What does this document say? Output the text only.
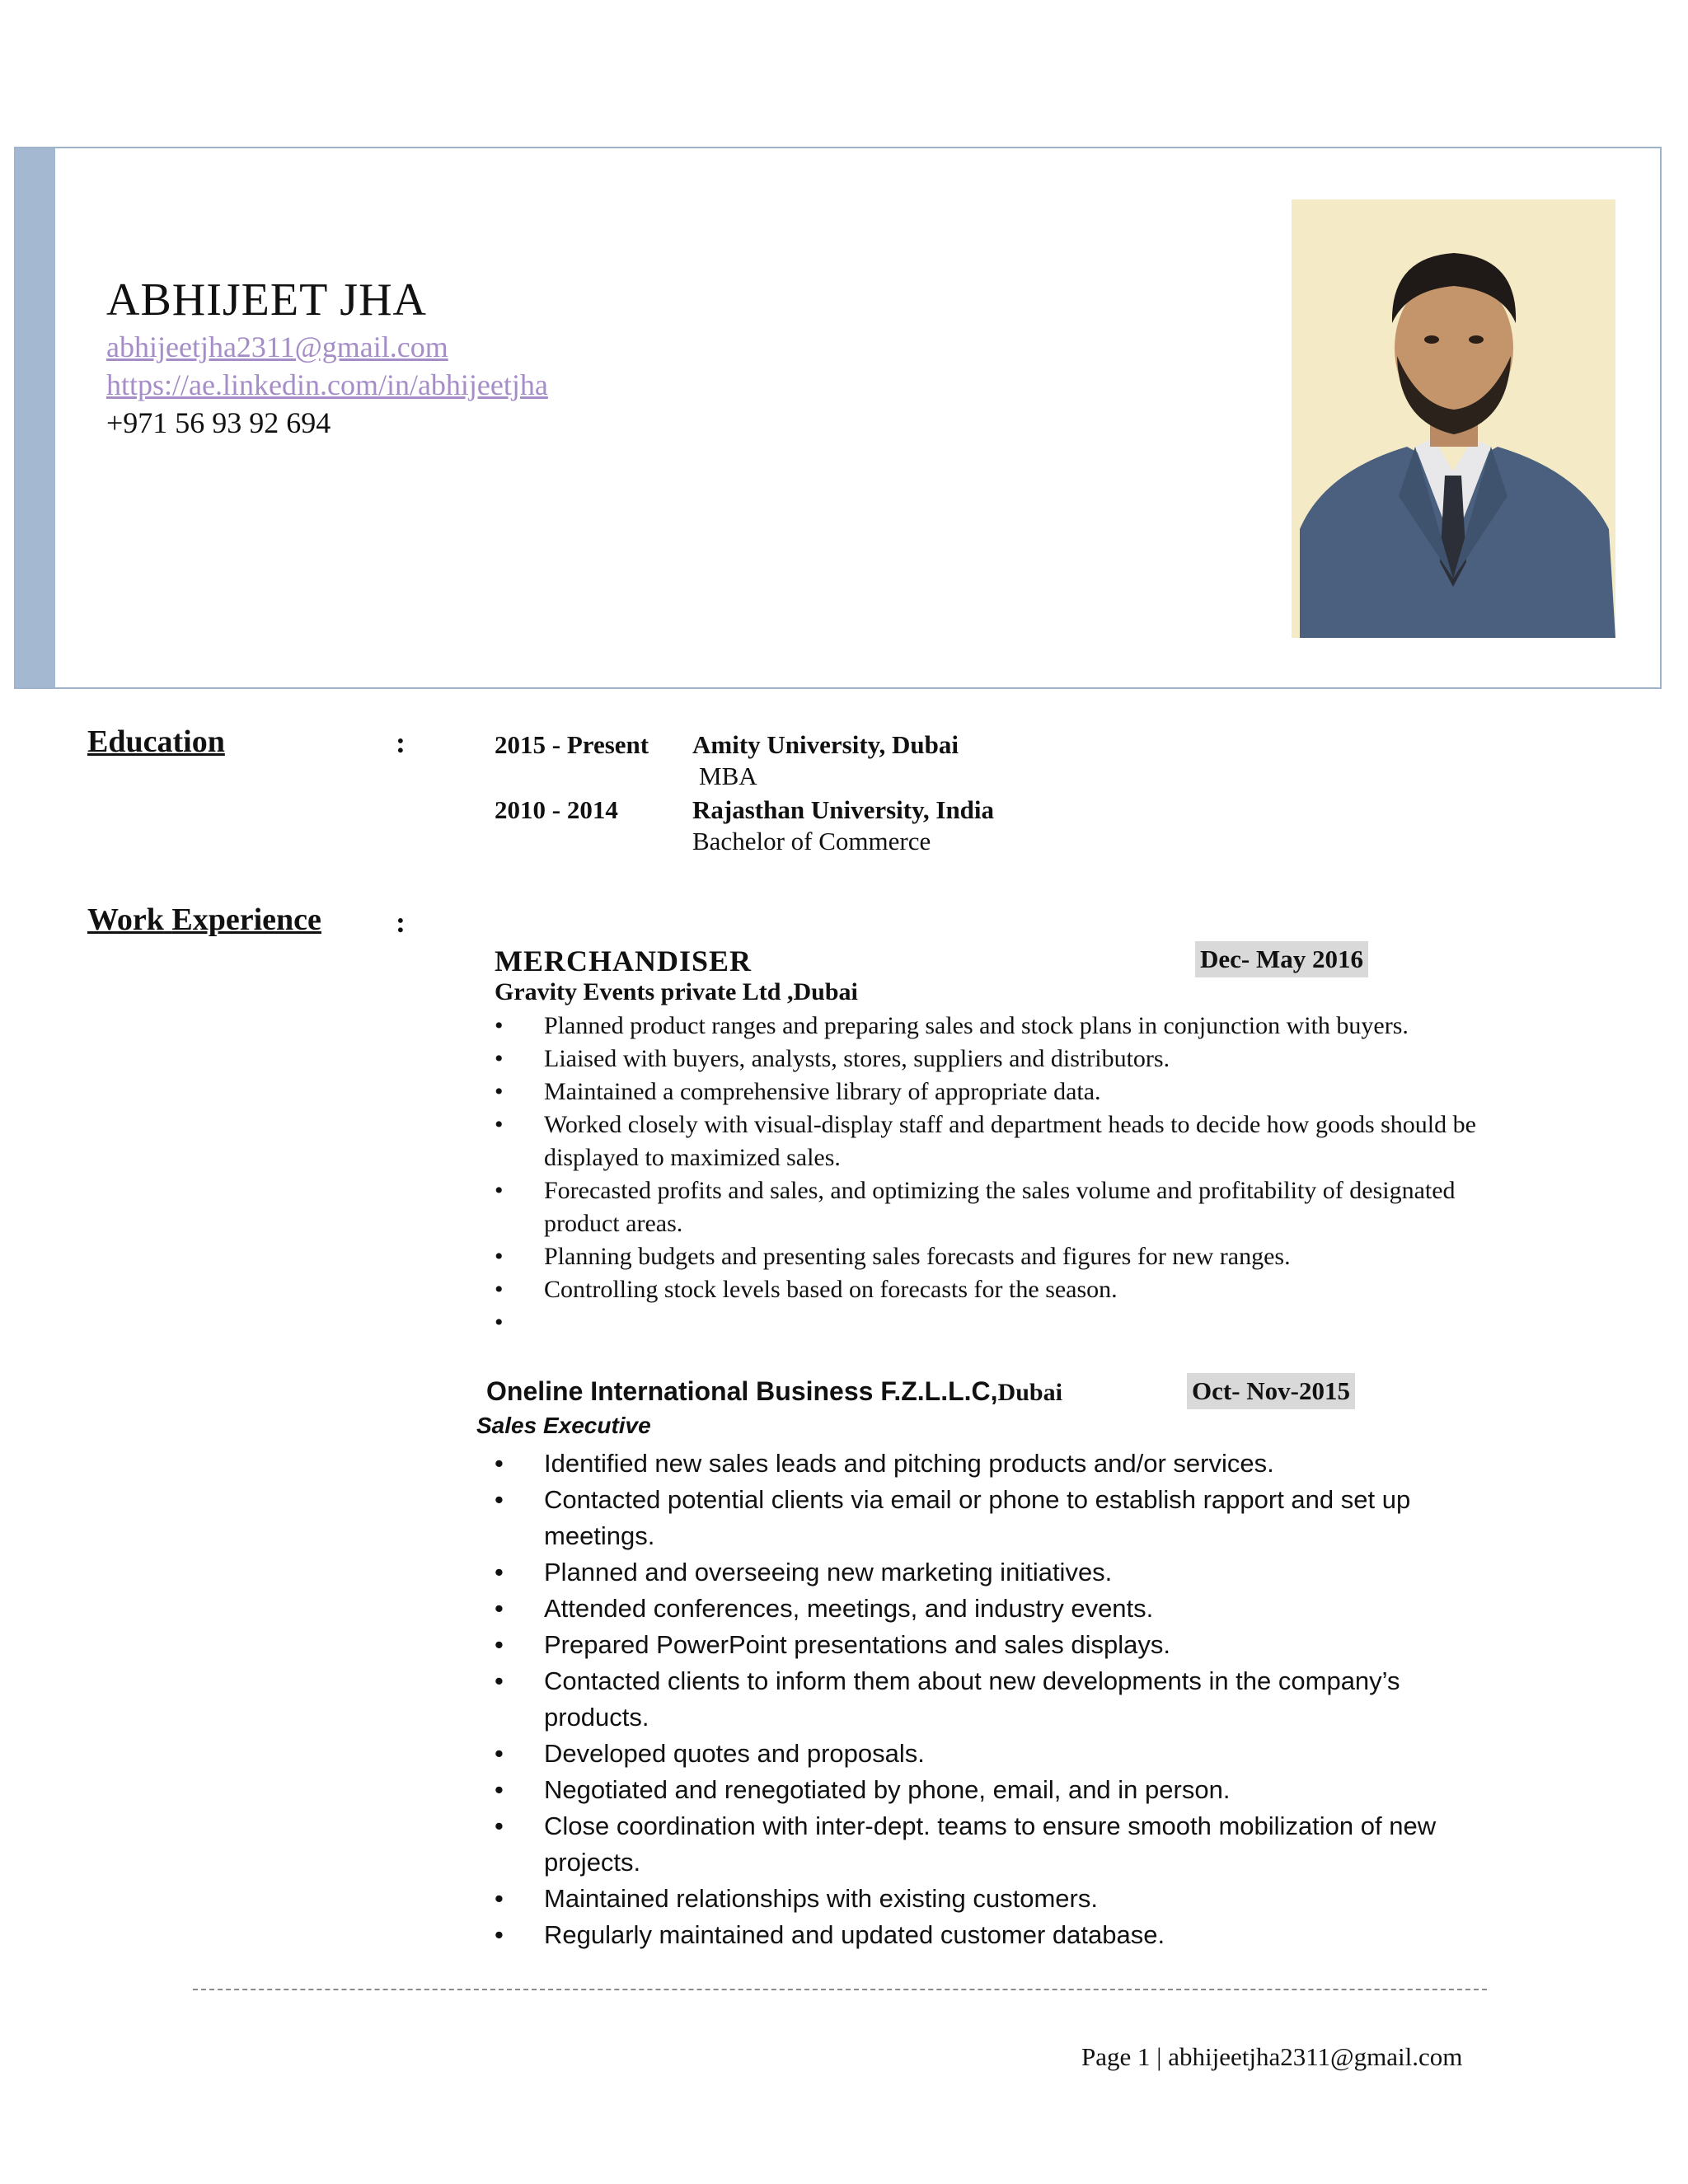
ABHIJEET JHA
abhijeetjha2311@gmail.com
https://ae.linkedin.com/in/abhijeetjha
+971 56 93 92 694
Education	:	2015 - Present Amity University, Dubai
MBA
2010 - 2014	Rajasthan University, India
Bachelor of Commerce
Work Experience	:
MERCHANDISER	Dec- May 2016
Gravity Events private Ltd ,Dubai
• Planned product ranges and preparing sales and stock plans in conjunction with buyers.
• Liaised with buyers, analysts, stores, suppliers and distributors.
• Maintained a comprehensive library of appropriate data.
• Worked closely with visual-display staff and department heads to decide how goods should be displayed to maximized sales.
• Forecasted profits and sales, and optimizing the sales volume and profitability of designated product areas.
• Planning budgets and presenting sales forecasts and figures for new ranges.
• Controlling stock levels based on forecasts for the season.
Oneline International Business F.Z.L.L.C,Dubai	Oct- Nov-2015
Sales Executive
• Identified new sales leads and pitching products and/or services.
• Contacted potential clients via email or phone to establish rapport and set up meetings.
• Planned and overseeing new marketing initiatives.
• Attended conferences, meetings, and industry events.
• Prepared PowerPoint presentations and sales displays.
• Contacted clients to inform them about new developments in the company’s products.
• Developed quotes and proposals.
• Negotiated and renegotiated by phone, email, and in person.
• Close coordination with inter-dept. teams to ensure smooth mobilization of new projects.
• Maintained relationships with existing customers.
• Regularly maintained and updated customer database.
Page 1 | abhijeetjha2311@gmail.com
